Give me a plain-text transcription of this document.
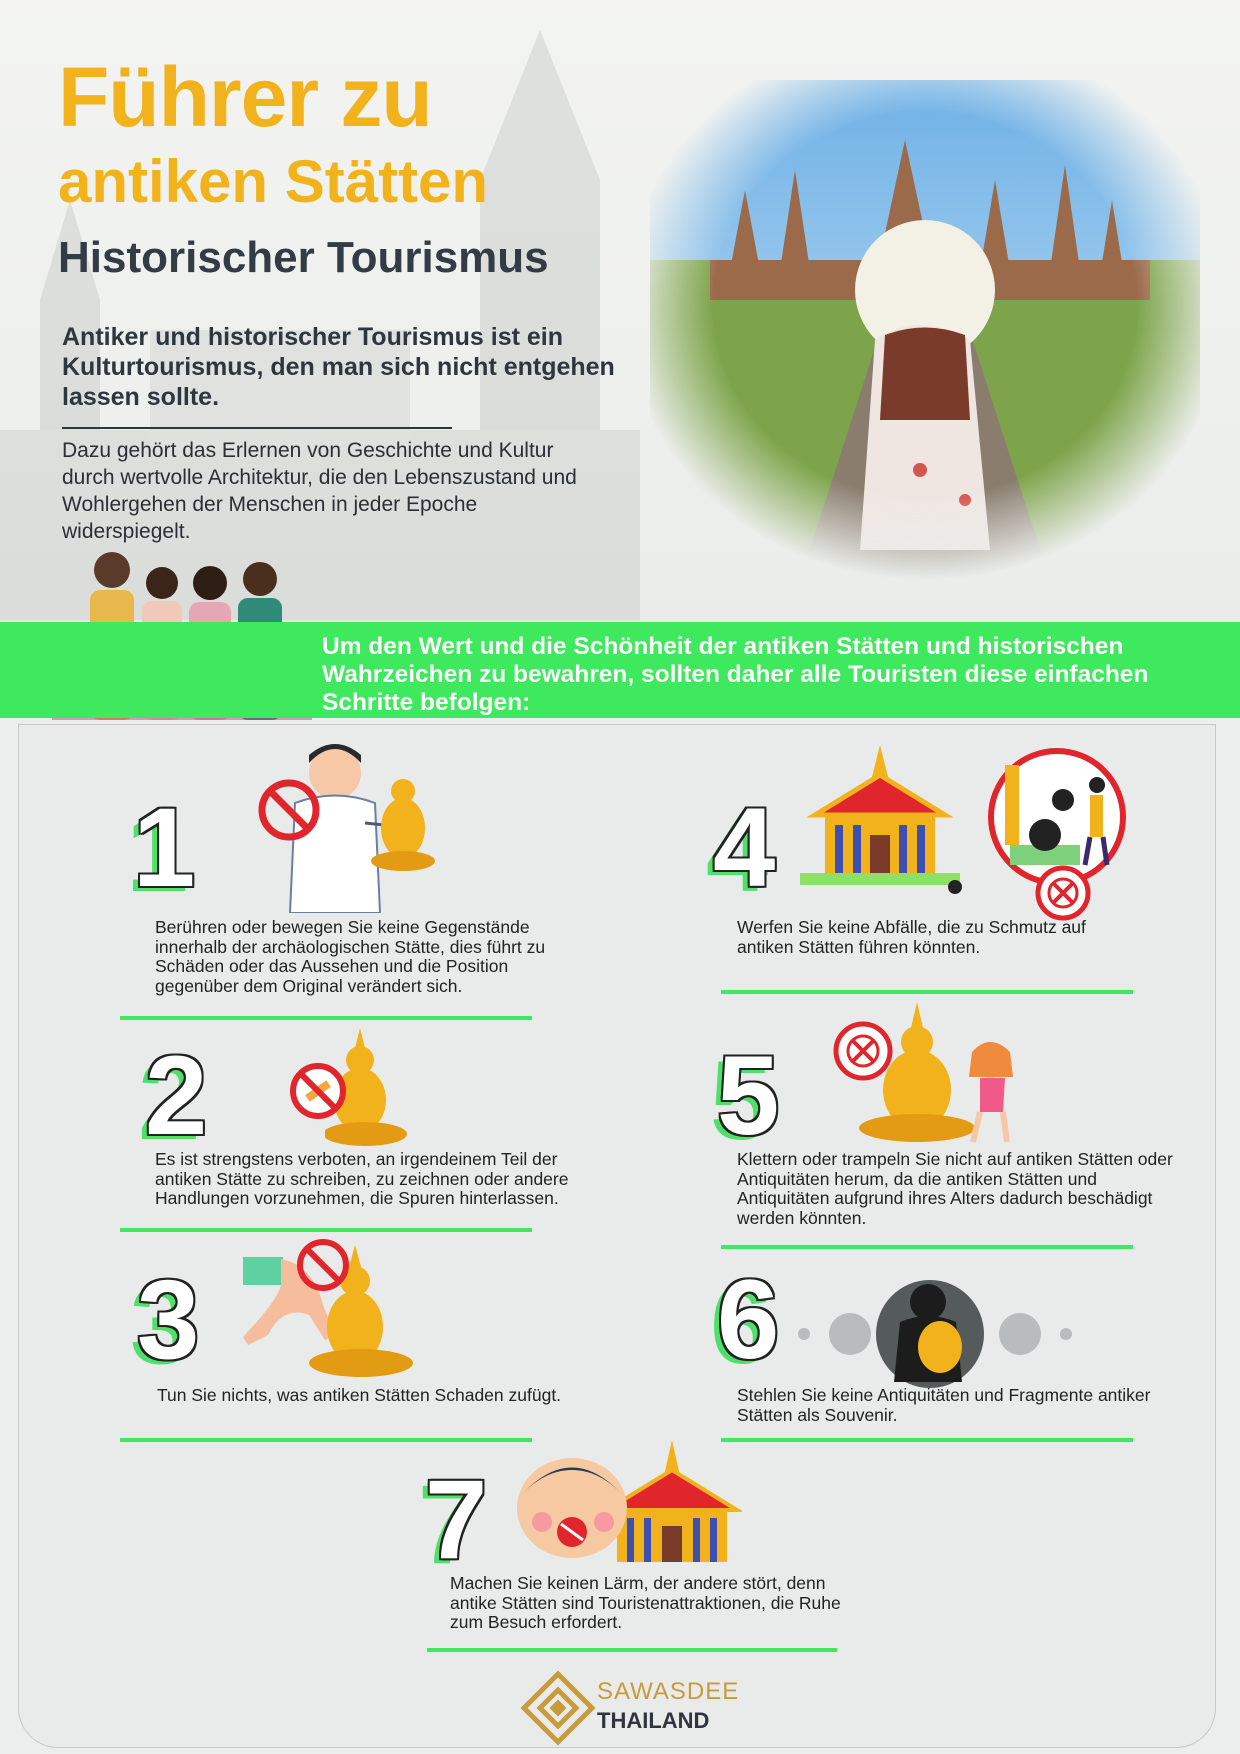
Führer zu
antiken Stätten
Historischer Tourismus

Antiker und historischer Tourismus ist ein Kulturtourismus, den man sich nicht entgehen lassen sollte.

Dazu gehört das Erlernen von Geschichte und Kultur durch wertvolle Architektur, die den Lebenszustand und Wohlergehen der Menschen in jeder Epoche widerspiegelt.

Um den Wert und die Schönheit der antiken Stätten und historischen Wahrzeichen zu bewahren, sollten daher alle Touristen diese einfachen Schritte befolgen:

1

Berühren oder bewegen Sie keine Gegenstände innerhalb der archäologischen Stätte, dies führt zu Schäden oder das Aussehen und die Position gegenüber dem Original verändert sich.

2

Es ist strengstens verboten, an irgendeinem Teil der antiken Stätte zu schreiben, zu zeichnen oder andere Handlungen vorzunehmen, die Spuren hinterlassen.

3

Tun Sie nichts, was antiken Stätten Schaden zufügt.

4

Werfen Sie keine Abfälle, die zu Schmutz auf antiken Stätten führen könnten.

5

Klettern oder trampeln Sie nicht auf antiken Stätten oder Antiquitäten herum, da die antiken Stätten und Antiquitäten aufgrund ihres Alters dadurch beschädigt werden könnten.

6

Stehlen Sie keine Antiquitäten und Fragmente antiker Stätten als Souvenir.

7

Machen Sie keinen Lärm, der andere stört, denn antike Stätten sind Touristenattraktionen, die Ruhe zum Besuch erfordert.

SAWASDEE

THAILAND
